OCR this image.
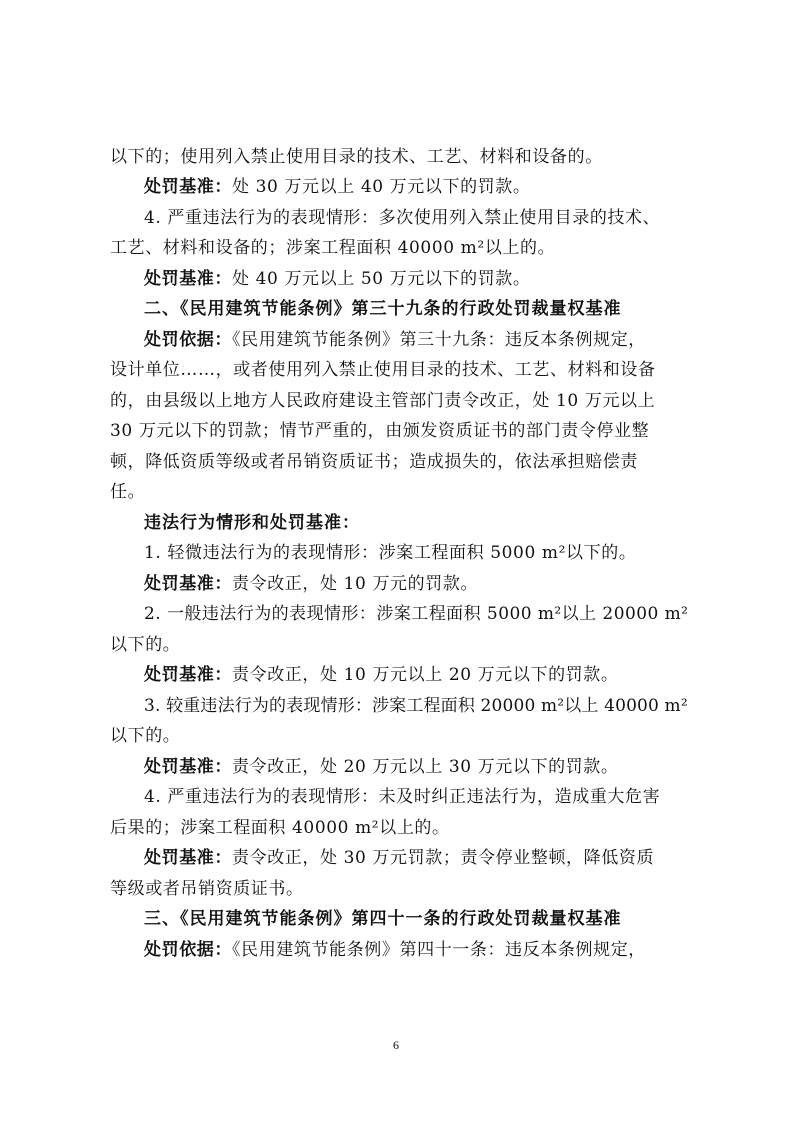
以下的；使用列入禁止使用目录的技术、工艺、材料和设备的。
处罚基准：处 30 万元以上 40 万元以下的罚款。
4. 严重违法行为的表现情形：多次使用列入禁止使用目录的技术、
工艺、材料和设备的；涉案工程面积 40000 m²以上的。
处罚基准：处 40 万元以上 50 万元以下的罚款。
二、《民用建筑节能条例》第三十九条的行政处罚裁量权基准
处罚依据：《民用建筑节能条例》第三十九条：违反本条例规定，
设计单位……，或者使用列入禁止使用目录的技术、工艺、材料和设备
的，由县级以上地方人民政府建设主管部门责令改正，处 10 万元以上
30 万元以下的罚款；情节严重的，由颁发资质证书的部门责令停业整
顿，降低资质等级或者吊销资质证书；造成损失的，依法承担赔偿责
任。
违法行为情形和处罚基准：
1. 轻微违法行为的表现情形：涉案工程面积 5000 m²以下的。
处罚基准：责令改正，处 10 万元的罚款。
2. 一般违法行为的表现情形：涉案工程面积 5000 m²以上 20000 m²
以下的。
处罚基准：责令改正，处 10 万元以上 20 万元以下的罚款。
3. 较重违法行为的表现情形：涉案工程面积 20000 m²以上 40000 m²
以下的。
处罚基准：责令改正，处 20 万元以上 30 万元以下的罚款。
4. 严重违法行为的表现情形：未及时纠正违法行为，造成重大危害
后果的；涉案工程面积 40000 m²以上的。
处罚基准：责令改正，处 30 万元罚款；责令停业整顿，降低资质
等级或者吊销资质证书。
三、《民用建筑节能条例》第四十一条的行政处罚裁量权基准
处罚依据：《民用建筑节能条例》第四十一条：违反本条例规定，
6
